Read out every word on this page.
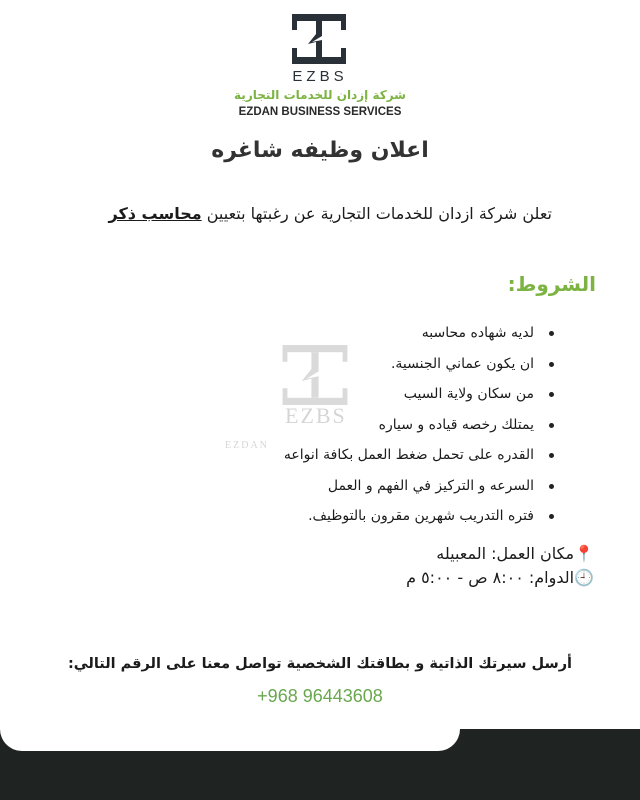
EZBS
شركة إزدان للخدمات التجارية
EZDAN BUSINESS SERVICES
اعلان وظيفه شاغره
تعلن شركة ازدان للخدمات التجارية عن رغبتها بتعيين محاسب ذكر
الشروط:
EZBS
EZDAN
لديه شهاده محاسبه
ان يكون عماني الجنسية.
من سكان ولاية السيب
يمتلك رخصه قياده و سياره
القدره على تحمل ضغط العمل بكافة انواعه
السرعه و التركيز في الفهم و العمل
فتره التدريب شهرين مقرون بالتوظيف.
📍مكان العمل: المعبيله
🕘الدوام: ٨:٠٠ ص - ٥:٠٠ م
أرسل سيرتك الذاتية و بطاقتك الشخصية تواصل معنا على الرقم التالي:
+968 96443608
